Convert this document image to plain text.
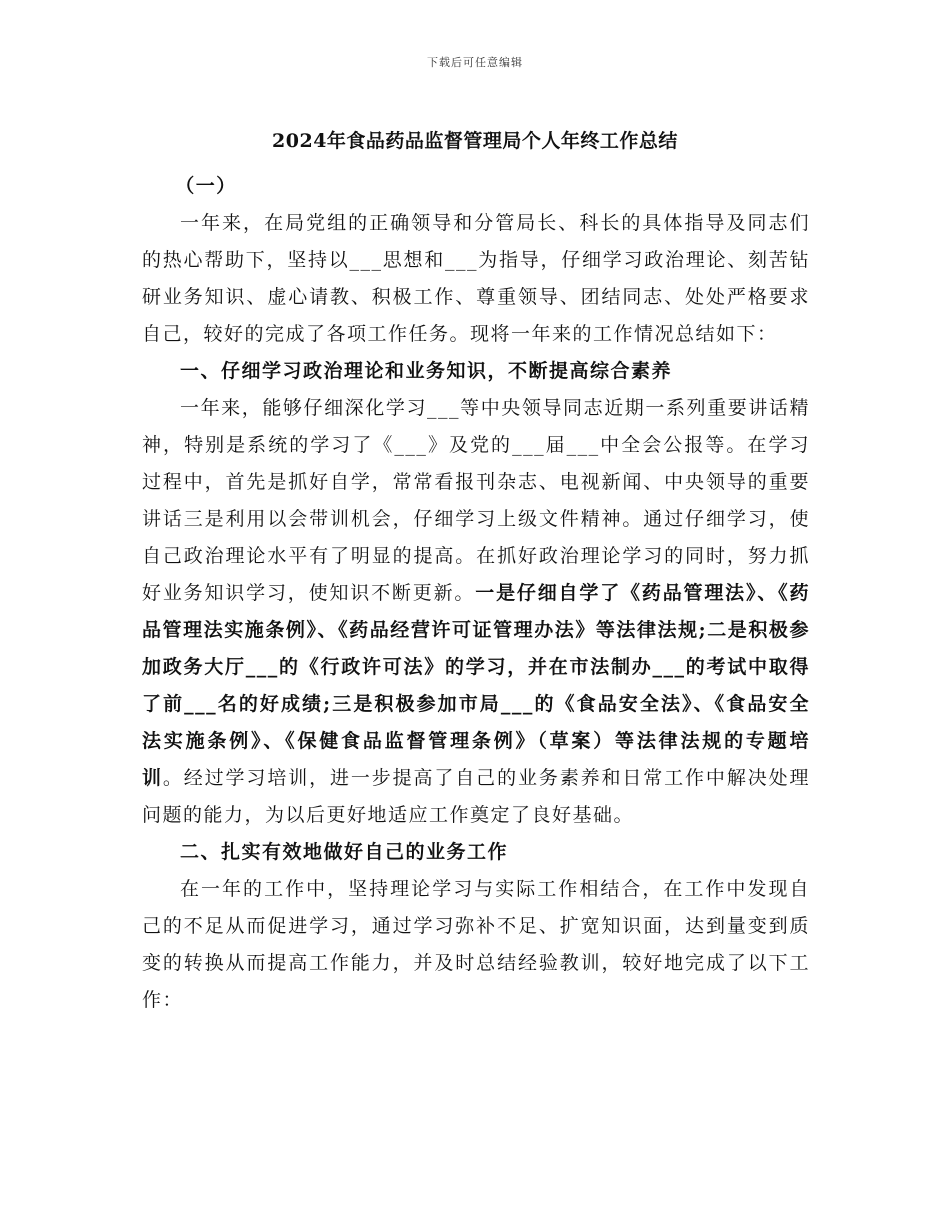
下载后可任意编辑
2024年食品药品监督管理局个人年终工作总结

（一）

一年来，在局党组的正确领导和分管局长、科长的具体指导及同志们的热心帮助下，坚持以___思想和___为指导，仔细学习政治理论、刻苦钻研业务知识、虚心请教、积极工作、尊重领导、团结同志、处处严格要求自己，较好的完成了各项工作任务。现将一年来的工作情况总结如下：

一、仔细学习政治理论和业务知识，不断提高综合素养

一年来，能够仔细深化学习___等中央领导同志近期一系列重要讲话精神，特别是系统的学习了《___》及党的___届___中全会公报等。在学习过程中，首先是抓好自学，常常看报刊杂志、电视新闻、中央领导的重要讲话三是利用以会带训机会，仔细学习上级文件精神。通过仔细学习，使自己政治理论水平有了明显的提高。在抓好政治理论学习的同时，努力抓好业务知识学习，使知识不断更新。一是仔细自学了《药品管理法》、《药品管理法实施条例》、《药品经营许可证管理办法》等法律法规;二是积极参加政务大厅___的《行政许可法》的学习，并在市法制办___的考试中取得了前___名的好成绩;三是积极参加市局___的《食品安全法》、《食品安全法实施条例》、《保健食品监督管理条例》（草案）等法律法规的专题培训。经过学习培训，进一步提高了自己的业务素养和日常工作中解决处理问题的能力，为以后更好地适应工作奠定了良好基础。

二、扎实有效地做好自己的业务工作

在一年的工作中，坚持理论学习与实际工作相结合，在工作中发现自己的不足从而促进学习，通过学习弥补不足、扩宽知识面，达到量变到质变的转换从而提高工作能力，并及时总结经验教训，较好地完成了以下工作：
